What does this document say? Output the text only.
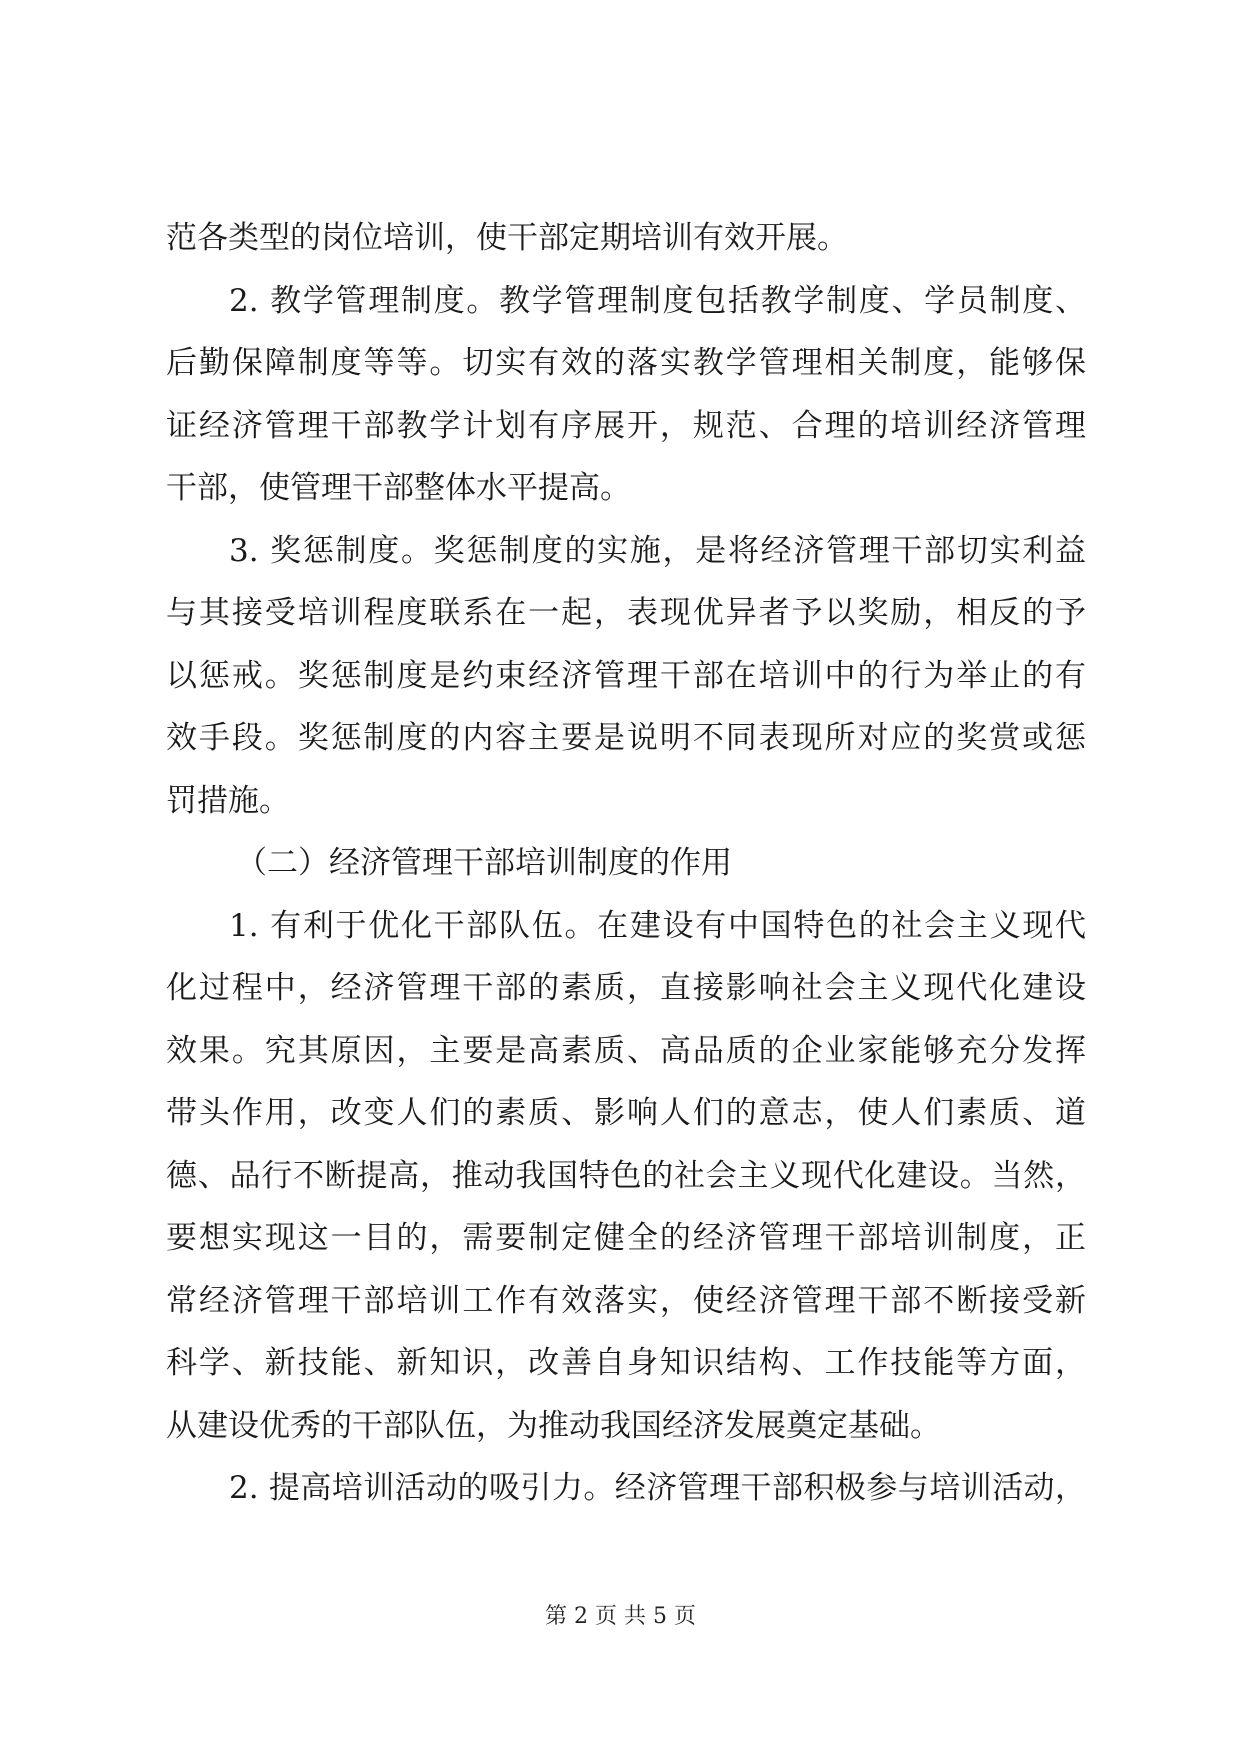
范各类型的岗位培训，使干部定期培训有效开展。
2. 教学管理制度。教学管理制度包括教学制度、学员制度、
后勤保障制度等等。切实有效的落实教学管理相关制度，能够保
证经济管理干部教学计划有序展开，规范、合理的培训经济管理
干部，使管理干部整体水平提高。
3. 奖惩制度。奖惩制度的实施，是将经济管理干部切实利益
与其接受培训程度联系在一起，表现优异者予以奖励，相反的予
以惩戒。奖惩制度是约束经济管理干部在培训中的行为举止的有
效手段。奖惩制度的内容主要是说明不同表现所对应的奖赏或惩
罚措施。
（二）经济管理干部培训制度的作用
1. 有利于优化干部队伍。在建设有中国特色的社会主义现代
化过程中，经济管理干部的素质，直接影响社会主义现代化建设
效果。究其原因，主要是高素质、高品质的企业家能够充分发挥
带头作用，改变人们的素质、影响人们的意志，使人们素质、道
德、品行不断提高，推动我国特色的社会主义现代化建设。当然，
要想实现这一目的，需要制定健全的经济管理干部培训制度，正
常经济管理干部培训工作有效落实，使经济管理干部不断接受新
科学、新技能、新知识，改善自身知识结构、工作技能等方面，
从建设优秀的干部队伍，为推动我国经济发展奠定基础。
2. 提高培训活动的吸引力。经济管理干部积极参与培训活动，
第 2 页 共 5 页
